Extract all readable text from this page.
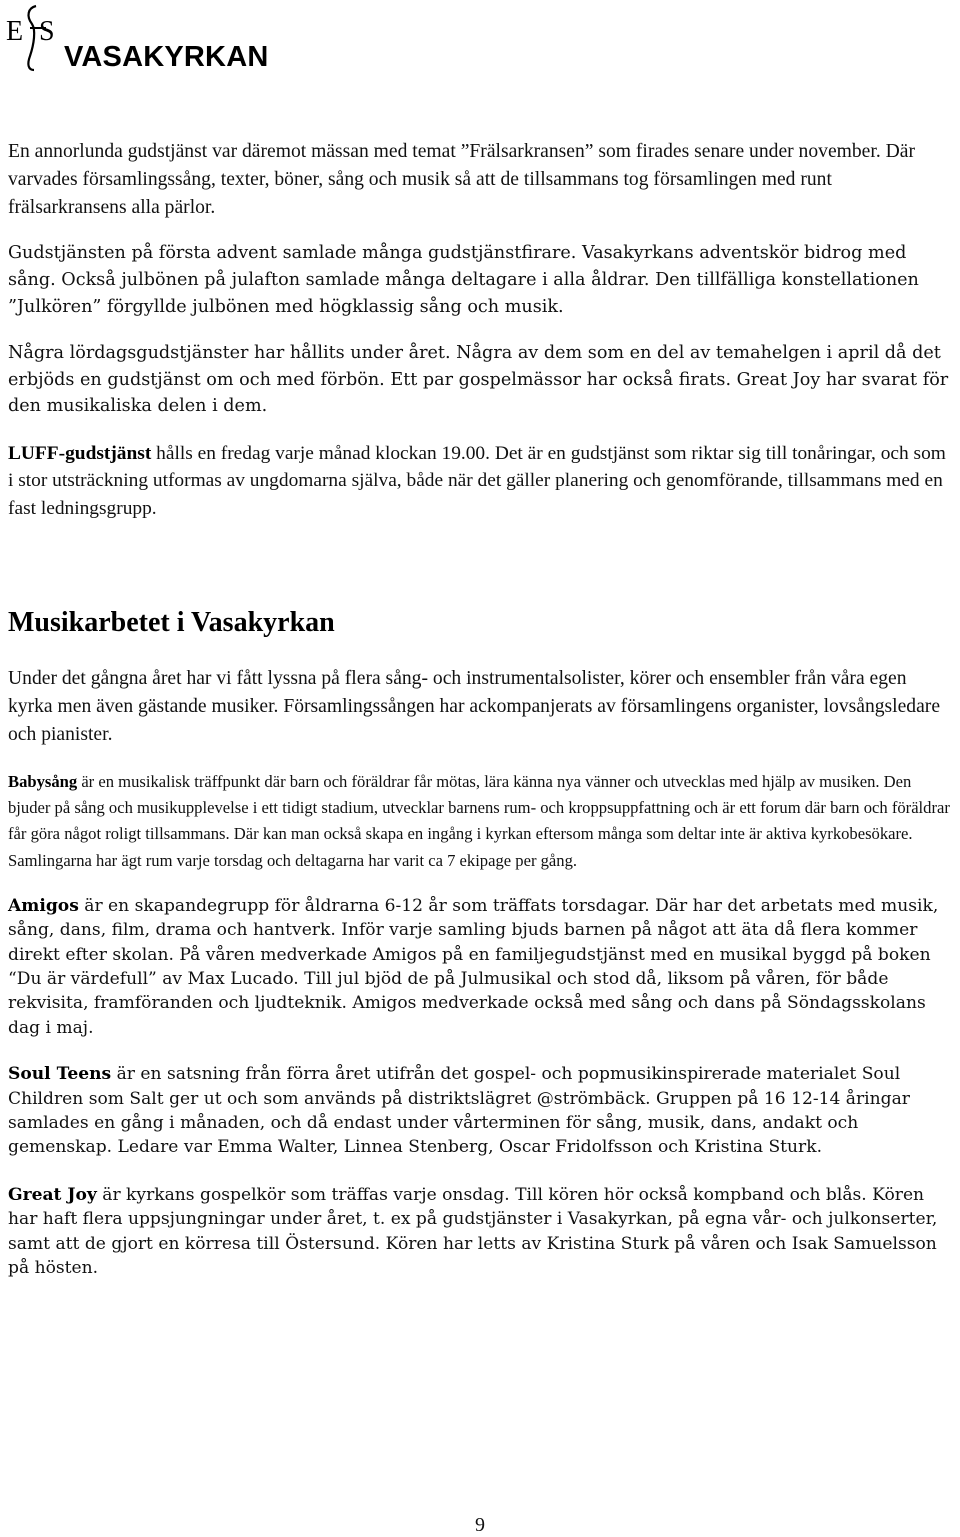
E S
VASAKYRKAN

En annorlunda gudstjänst var däremot mässan med temat ”Frälsarkransen” som firades senare under november. Där varvades församlingssång, texter, böner, sång och musik så att de tillsammans tog församlingen med runt frälsarkransens alla pärlor.

Gudstjänsten på första advent samlade många gudstjänstfirare. Vasakyrkans adventskör bidrog med sång. Också julbönen på julafton samlade många deltagare i alla åldrar. Den tillfälliga konstellationen ”Julkören” förgyllde julbönen med högklassig sång och musik.

Några lördagsgudstjänster har hållits under året. Några av dem som en del av temahelgen i april då det erbjöds en gudstjänst om och med förbön. Ett par gospelmässor har också firats. Great Joy har svarat för den musikaliska delen i dem.

LUFF-gudstjänst hålls en fredag varje månad klockan 19.00. Det är en gudstjänst som riktar sig till tonåringar, och som i stor utsträckning utformas av ungdomarna själva, både när det gäller planering och genomförande, tillsammans med en fast ledningsgrupp.

Musikarbetet i Vasakyrkan

Under det gångna året har vi fått lyssna på flera sång- och instrumentalsolister, körer och ensembler från våra egen kyrka men även gästande musiker. Församlingssången har ackompanjerats av församlingens organister, lovsångsledare och pianister.

Babysång är en musikalisk träffpunkt där barn och föräldrar får mötas, lära känna nya vänner och utvecklas med hjälp av musiken. Den bjuder på sång och musikupplevelse i ett tidigt stadium, utvecklar barnens rum- och kroppsuppfattning och är ett forum där barn och föräldrar får göra något roligt tillsammans. Där kan man också skapa en ingång i kyrkan eftersom många som deltar inte är aktiva kyrkobesökare. Samlingarna har ägt rum varje torsdag och deltagarna har varit ca 7 ekipage per gång.

Amigos är en skapandegrupp för åldrarna 6-12 år som träffats torsdagar. Där har det arbetats med musik, sång, dans, film, drama och hantverk. Inför varje samling bjuds barnen på något att äta då flera kommer direkt efter skolan. På våren medverkade Amigos på en familjegudstjänst med en musikal byggd på boken “Du är värdefull” av Max Lucado. Till jul bjöd de på Julmusikal och stod då, liksom på våren, för både rekvisita, framföranden och ljudteknik. Amigos medverkade också med sång och dans på Söndagsskolans dag i maj.

Soul Teens är en satsning från förra året utifrån det gospel- och popmusikinspirerade materialet Soul Children som Salt ger ut och som används på distriktslägret @strömbäck. Gruppen på 16 12-14 åringar samlades en gång i månaden, och då endast under vårterminen för sång, musik, dans, andakt och gemenskap. Ledare var Emma Walter, Linnea Stenberg, Oscar Fridolfsson och Kristina Sturk.

Great Joy är kyrkans gospelkör som träffas varje onsdag. Till kören hör också kompband och blås. Kören har haft flera uppsjungningar under året, t. ex på gudstjänster i Vasakyrkan, på egna vår- och julkonserter, samt att de gjort en körresa till Östersund. Kören har letts av Kristina Sturk på våren och Isak Samuelsson på hösten.

9
